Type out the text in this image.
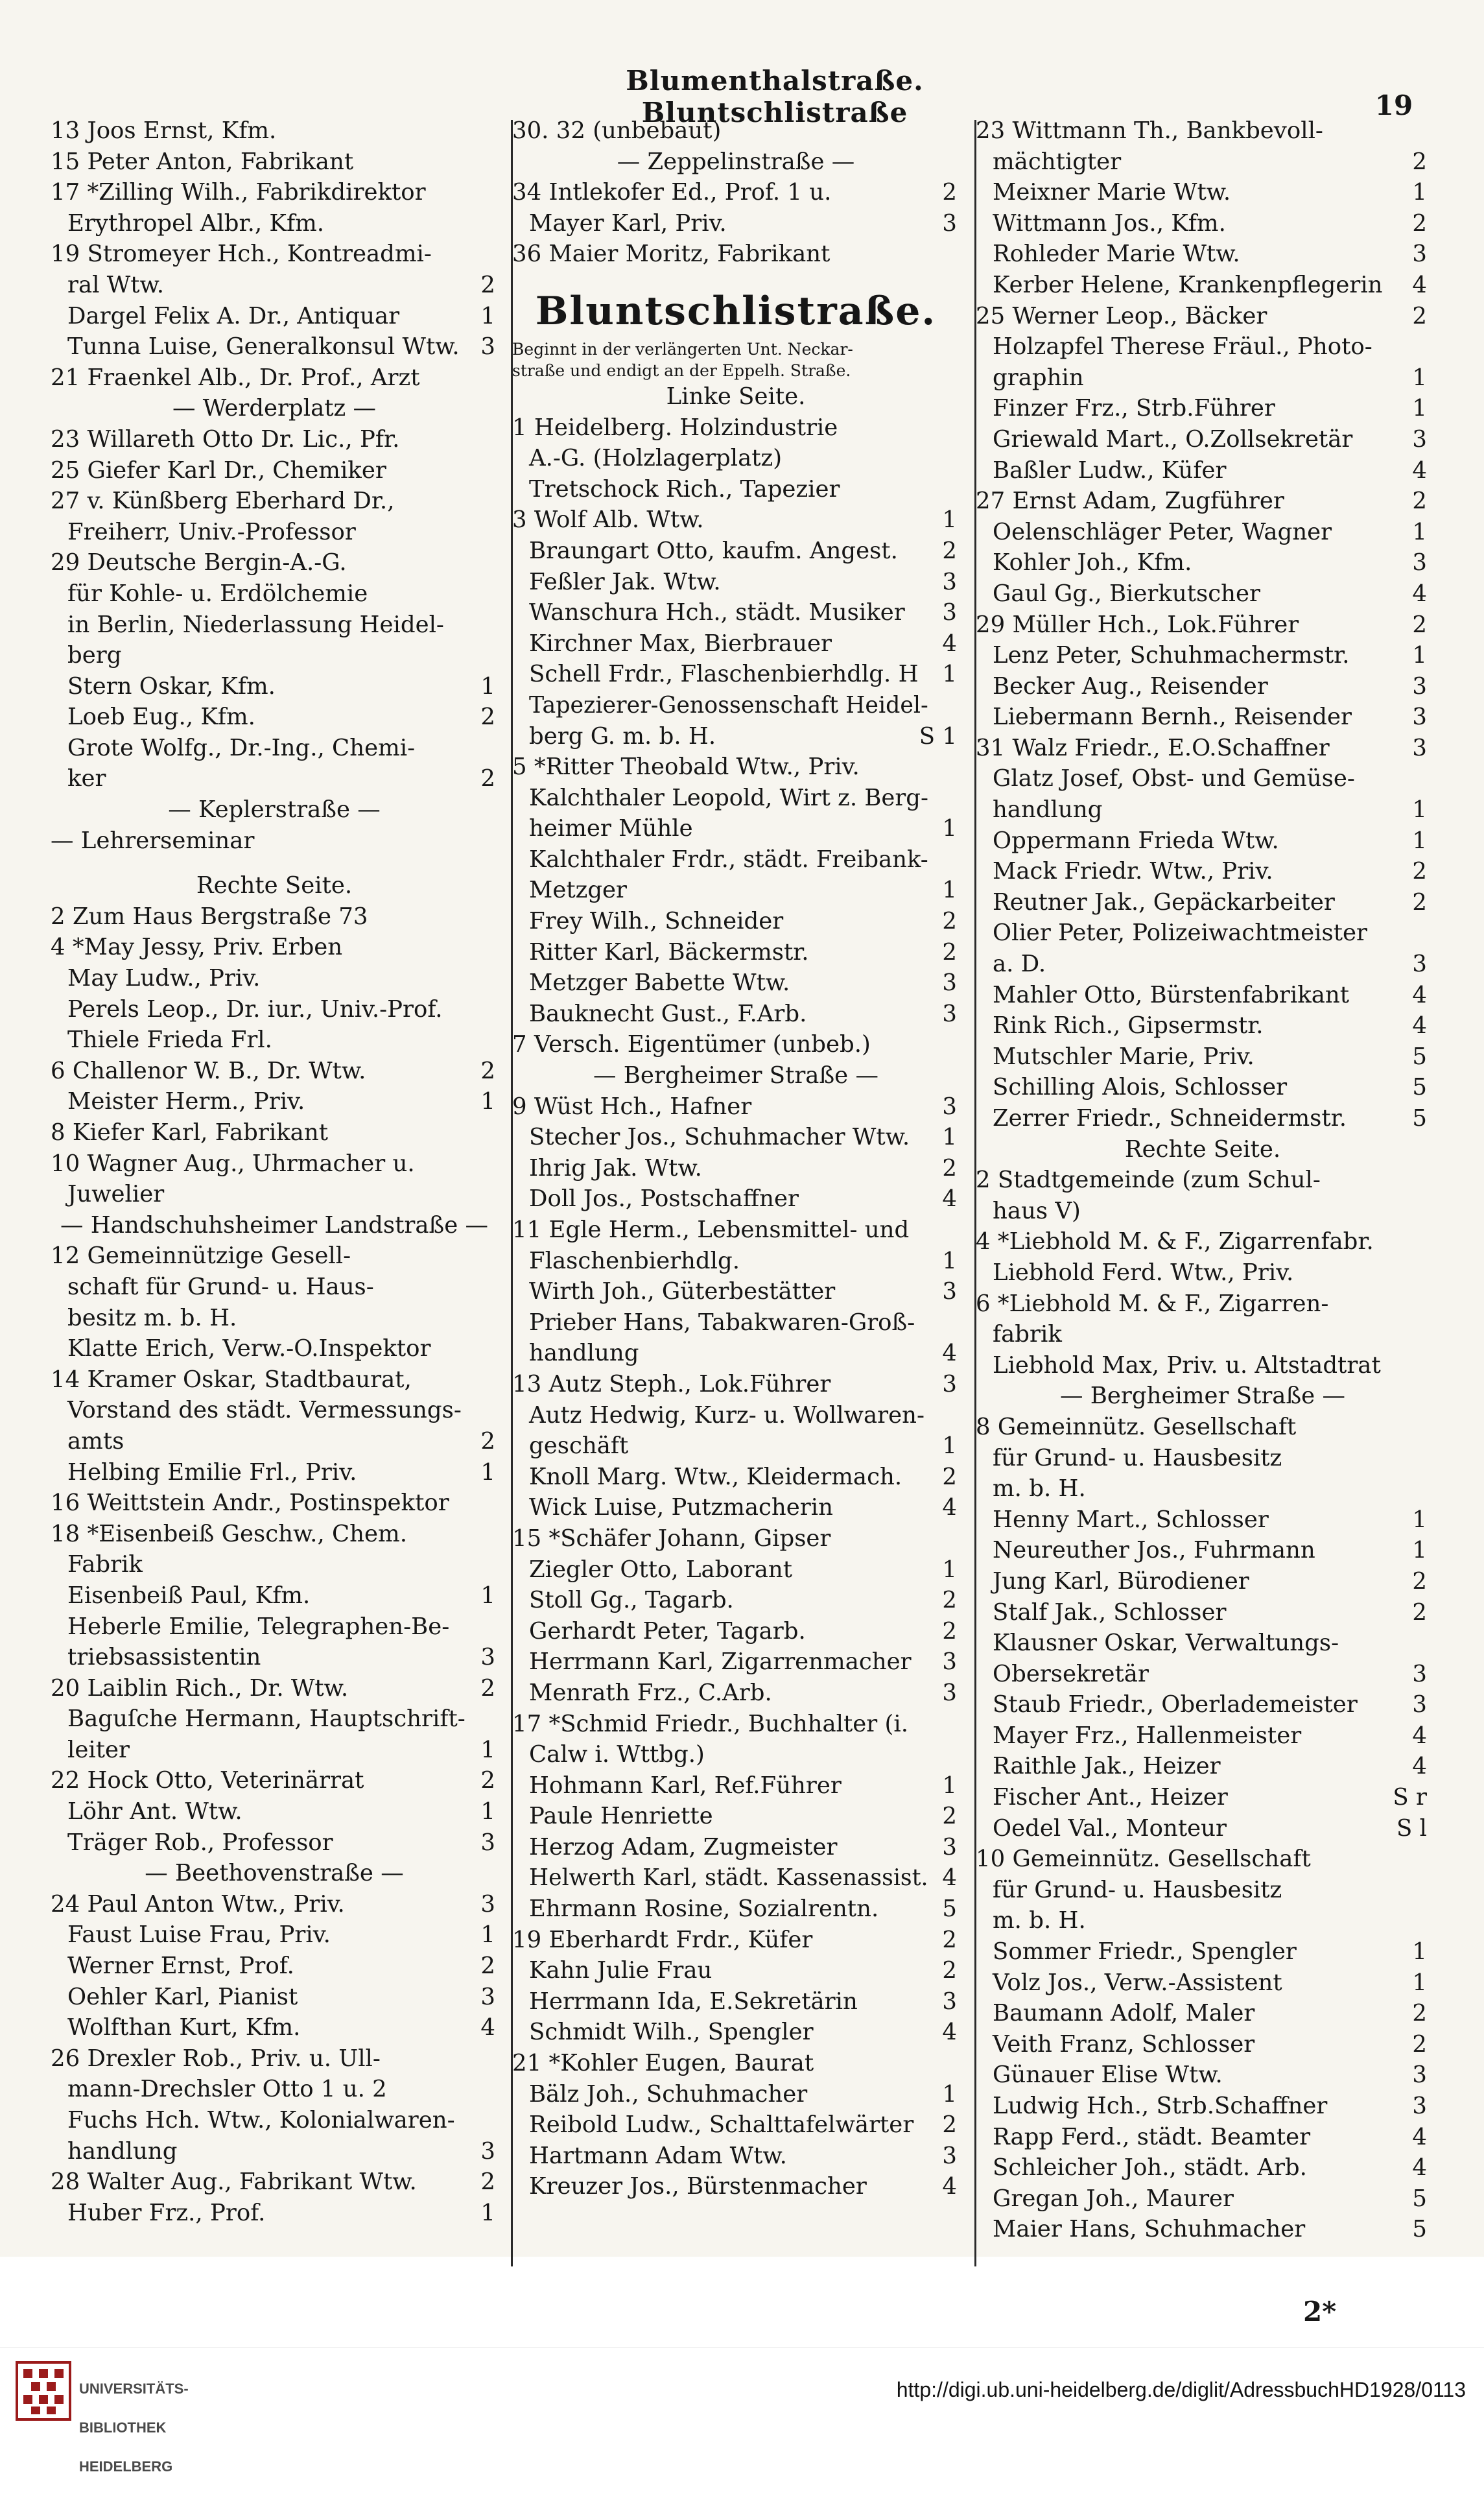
Blumenthalstraße. Bluntschlistraße	19
13 Joos Ernst, Kfm.
15 Peter Anton, Fabrikant
17 *Zilling Wilh., Fabrikdirektor
Erythropel Albr., Kfm.
19 Stromeyer Hch., Kontreadmi-
ral Wtw.	2
Dargel Felix A. Dr., Antiquar	1
Tunna Luise, Generalkonsul Wtw. 3
21 Fraenkel Alb., Dr. Prof., Arzt
— Werderplatz —
23 Willareth Otto Dr. Lic., Pfr.
25 Giefer Karl Dr., Chemiker
27 v. Künßberg Eberhard Dr.,
Freiherr, Univ.-Professor
29 Deutsche Bergin-A.-G.
für Kohle- u. Erdölchemie
in Berlin, Niederlassung Heidel-
berg
Stern Oskar, Kfm.	1
Loeb Eug., Kfm.	2
Grote Wolfg., Dr.-Ing., Chemi-
ker	2
— Keplerstraße —
— Lehrerseminar
Rechte Seite.
2 Zum Haus Bergstraße 73
4 *May Jessy, Priv. Erben
May Ludw., Priv.
Perels Leop., Dr. iur., Univ.-Prof.
Thiele Frieda Frl.
6 Challenor W. B., Dr. Wtw.	2
Meister Herm., Priv.	1
8 Kiefer Karl, Fabrikant
10 Wagner Aug., Uhrmacher u.
Juwelier
— Handschuhsheimer Landstraße —
12 Gemeinnützige Gesell-
schaft für Grund- u. Haus-
besitz m. b. H.
Klatte Erich, Verw.-O.Inspektor
14 Kramer Oskar, Stadtbaurat,
Vorstand des städt. Vermessungs-
amts	2
Helbing Emilie Frl., Priv.	1
16 Weittstein Andr., Postinspektor
18 *Eisenbeiß Geschw., Chem.
Fabrik
Eisenbeiß Paul, Kfm.	1
Heberle Emilie, Telegraphen-Be-
triebsassistentin	3
20 Laiblin Rich., Dr. Wtw.	2
Baguſche Hermann, Hauptschrift-
leiter	1
22 Hock Otto, Veterinärrat	2
Löhr Ant. Wtw.	1
Träger Rob., Professor	3
— Beethovenstraße —
24 Paul Anton Wtw., Priv.	3
Faust Luise Frau, Priv.	1
Werner Ernst, Prof.	2
Oehler Karl, Pianist	3
Wolfthan Kurt, Kfm.	4
26 Drexler Rob., Priv. u. Ull-
mann-Drechsler Otto 1 u. 2
Fuchs Hch. Wtw., Kolonialwaren-
handlung	3
28 Walter Aug., Fabrikant Wtw.	2
Huber Frz., Prof.	1
30. 32 (unbebaut)
— Zeppelinstraße —
34 Intlekofer Ed., Prof. 1 u.	2
Mayer Karl, Priv.	3
36 Maier Moritz, Fabrikant
Bluntschlistraße.
Beginnt in der verlängerten Unt. Neckar-
straße und endigt an der Eppelh. Straße.
Linke Seite.
1 Heidelberg. Holzindustrie
A.-G. (Holzlagerplatz)
Tretschock Rich., Tapezier
3 Wolf Alb. Wtw.	1
Braungart Otto, kaufm. Angest. 2
Feßler Jak. Wtw.	3
Wanschura Hch., städt. Musiker 3
Kirchner Max, Bierbrauer	4
Schell Frdr., Flaschenbierhdlg. H 1
Tapezierer-Genossenschaft Heidel-
berg G. m. b. H.	S 1
5 *Ritter Theobald Wtw., Priv.
Kalchthaler Leopold, Wirt z. Berg-
heimer Mühle	1
Kalchthaler Frdr., städt. Freibank-
Metzger	1
Frey Wilh., Schneider	2
Ritter Karl, Bäckermstr.	2
Metzger Babette Wtw.	3
Bauknecht Gust., F.Arb.	3
7 Versch. Eigentümer (unbeb.)
— Bergheimer Straße —
9 Wüst Hch., Hafner	3
Stecher Jos., Schuhmacher Wtw. 1
Ihrig Jak. Wtw.	2
Doll Jos., Postschaffner	4
11 Egle Herm., Lebensmittel- und
Flaschenbierhdlg.	1
Wirth Joh., Güterbestätter	3
Prieber Hans, Tabakwaren-Groß-
handlung	4
13 Autz Steph., Lok.Führer	3
Autz Hedwig, Kurz- u. Wollwaren-
geschäft	1
Knoll Marg. Wtw., Kleidermach. 2
Wick Luise, Putzmacherin	4
15 *Schäfer Johann, Gipser
Ziegler Otto, Laborant	1
Stoll Gg., Tagarb.	2
Gerhardt Peter, Tagarb.	2
Herrmann Karl, Zigarrenmacher 3
Menrath Frz., C.Arb.	3
17 *Schmid Friedr., Buchhalter (i.
Calw i. Wttbg.)
Hohmann Karl, Ref.Führer	1
Paule Henriette	2
Herzog Adam, Zugmeister	3
Helwerth Karl, städt. Kassenassist. 4
Ehrmann Rosine, Sozialrentn.	5
19 Eberhardt Frdr., Küfer	2
Kahn Julie Frau	2
Herrmann Ida, E.Sekretärin	3
Schmidt Wilh., Spengler	4
21 *Kohler Eugen, Baurat
Bälz Joh., Schuhmacher	1
Reibold Ludw., Schalttafelwärter 2
Hartmann Adam Wtw.	3
Kreuzer Jos., Bürstenmacher	4
23 Wittmann Th., Bankbevoll-
mächtigter	2
Meixner Marie Wtw.	1
Wittmann Jos., Kfm.	2
Rohleder Marie Wtw.	3
Kerber Helene, Krankenpflegerin 4
25 Werner Leop., Bäcker	2
Holzapfel Therese Fräul., Photo-
graphin	1
Finzer Frz., Strb.Führer	1
Griewald Mart., O.Zollsekretär	3
Baßler Ludw., Küfer	4
27 Ernst Adam, Zugführer	2
Oelenschläger Peter, Wagner	1
Kohler Joh., Kfm.	3
Gaul Gg., Bierkutscher	4
29 Müller Hch., Lok.Führer	2
Lenz Peter, Schuhmachermstr.	1
Becker Aug., Reisender	3
Liebermann Bernh., Reisender	3
31 Walz Friedr., E.O.Schaffner	3
Glatz Josef, Obst- und Gemüse-
handlung	1
Oppermann Frieda Wtw.	1
Mack Friedr. Wtw., Priv.	2
Reutner Jak., Gepäckarbeiter	2
Olier Peter, Polizeiwachtmeister
a. D.	3
Mahler Otto, Bürstenfabrikant	4
Rink Rich., Gipsermstr.	4
Mutschler Marie, Priv.	5
Schilling Alois, Schlosser	5
Zerrer Friedr., Schneidermstr.	5
Rechte Seite.
2 Stadtgemeinde (zum Schul-
haus V)
4 *Liebhold M. & F., Zigarrenfabr.
Liebhold Ferd. Wtw., Priv.
6 *Liebhold M. & F., Zigarren-
fabrik
Liebhold Max, Priv. u. Altstadtrat
— Bergheimer Straße —
8 Gemeinnütz. Gesellschaft
für Grund- u. Hausbesitz
m. b. H.
Henny Mart., Schlosser	1
Neureuther Jos., Fuhrmann	1
Jung Karl, Bürodiener	2
Stalf Jak., Schlosser	2
Klausner Oskar, Verwaltungs-
Obersekretär	3
Staub Friedr., Oberlademeister 3
Mayer Frz., Hallenmeister	4
Raithle Jak., Heizer	4
Fischer Ant., Heizer	S r
Oedel Val., Monteur	S l
10 Gemeinnütz. Gesellschaft
für Grund- u. Hausbesitz
m. b. H.
Sommer Friedr., Spengler	1
Volz Jos., Verw.-Assistent	1
Baumann Adolf, Maler	2
Veith Franz, Schlosser	2
Günauer Elise Wtw.	3
Ludwig Hch., Strb.Schaffner	3
Rapp Ferd., städt. Beamter	4
Schleicher Joh., städt. Arb.	4
Gregan Joh., Maurer	5
Maier Hans, Schuhmacher	5
2*

UNIVERSITÄTS-

BIBLIOTHEK

HEIDELBERG

http://digi.ub.uni-heidelberg.de/diglit/AdressbuchHD1928/0113
